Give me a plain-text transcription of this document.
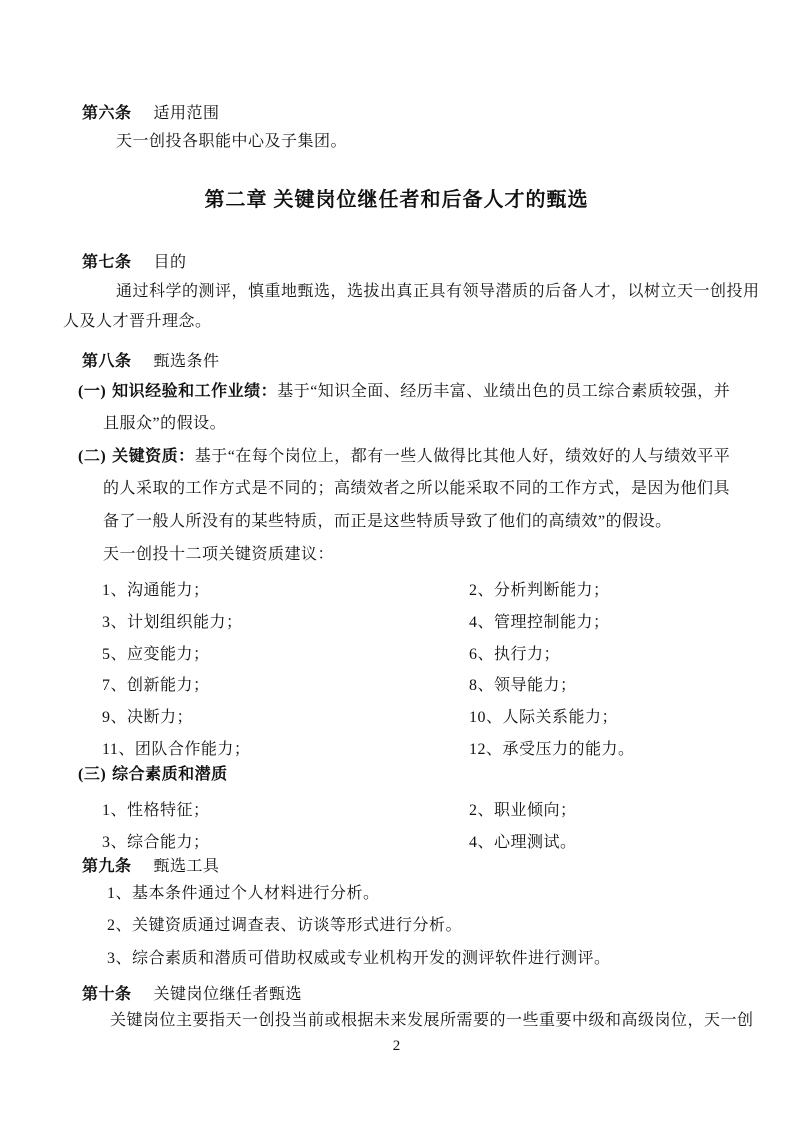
第六条 适用范围
天一创投各职能中心及子集团。
第二章 关键岗位继任者和后备人才的甄选
第七条 目的
通过科学的测评，慎重地甄选，选拔出真正具有领导潜质的后备人才，以树立天一创投用
人及人才晋升理念。
第八条 甄选条件
(一) 知识经验和工作业绩：基于“知识全面、经历丰富、业绩出色的员工综合素质较强，并
且服众”的假设。
(二) 关键资质：基于“在每个岗位上，都有一些人做得比其他人好，绩效好的人与绩效平平
的人采取的工作方式是不同的；高绩效者之所以能采取不同的工作方式，是因为他们具
备了一般人所没有的某些特质，而正是这些特质导致了他们的高绩效”的假设。
天一创投十二项关键资质建议：
1、沟通能力；	2、分析判断能力；
3、计划组织能力；	4、管理控制能力；
5、应变能力；	6、执行力；
7、创新能力；	8、领导能力；
9、决断力；	10、人际关系能力；
11、团队合作能力；	12、承受压力的能力。
(三) 综合素质和潜质
1、性格特征；	2、职业倾向；
3、综合能力；	4、心理测试。
第九条 甄选工具
1、基本条件通过个人材料进行分析。
2、关键资质通过调查表、访谈等形式进行分析。
3、综合素质和潜质可借助权威或专业机构开发的测评软件进行测评。
第十条 关键岗位继任者甄选
关键岗位主要指天一创投当前或根据未来发展所需要的一些重要中级和高级岗位，天一创
2
